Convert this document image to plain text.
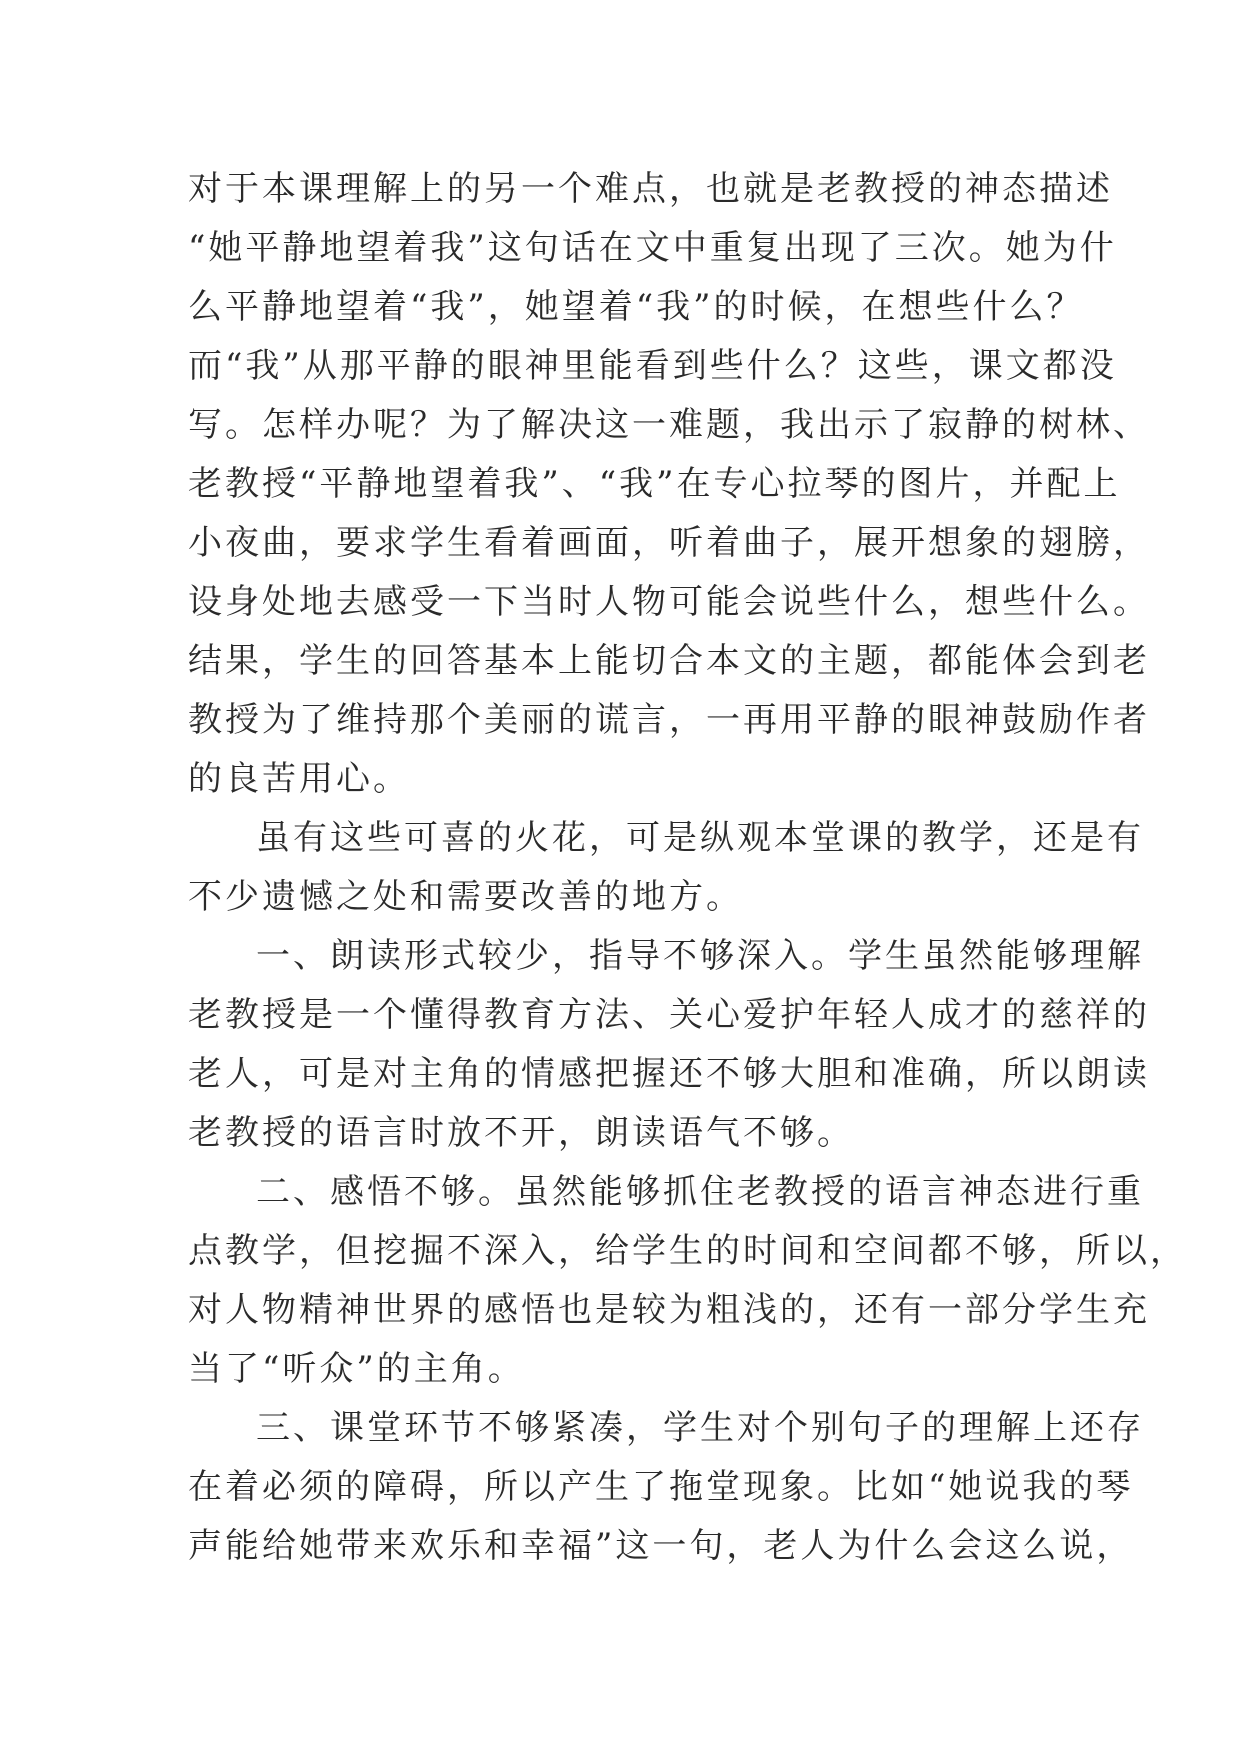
对于本课理解上的另一个难点，也就是老教授的神态描述
“她平静地望着我”这句话在文中重复出现了三次。她为什
么平静地望着“我”，她望着“我”的时候，在想些什么？
而“我”从那平静的眼神里能看到些什么？这些，课文都没
写。怎样办呢？为了解决这一难题，我出示了寂静的树林、
老教授“平静地望着我”、“我”在专心拉琴的图片，并配上
小夜曲，要求学生看着画面，听着曲子，展开想象的翅膀，
设身处地去感受一下当时人物可能会说些什么，想些什么。
结果，学生的回答基本上能切合本文的主题，都能体会到老
教授为了维持那个美丽的谎言，一再用平静的眼神鼓励作者
的良苦用心。

虽有这些可喜的火花，可是纵观本堂课的教学，还是有
不少遗憾之处和需要改善的地方。

一、朗读形式较少，指导不够深入。学生虽然能够理解
老教授是一个懂得教育方法、关心爱护年轻人成才的慈祥的
老人，可是对主角的情感把握还不够大胆和准确，所以朗读
老教授的语言时放不开，朗读语气不够。

二、感悟不够。虽然能够抓住老教授的语言神态进行重
点教学，但挖掘不深入，给学生的时间和空间都不够，所以，
对人物精神世界的感悟也是较为粗浅的，还有一部分学生充
当了“听众”的主角。

三、课堂环节不够紧凑，学生对个别句子的理解上还存
在着必须的障碍，所以产生了拖堂现象。比如“她说我的琴
声能给她带来欢乐和幸福”这一句，老人为什么会这么说，
